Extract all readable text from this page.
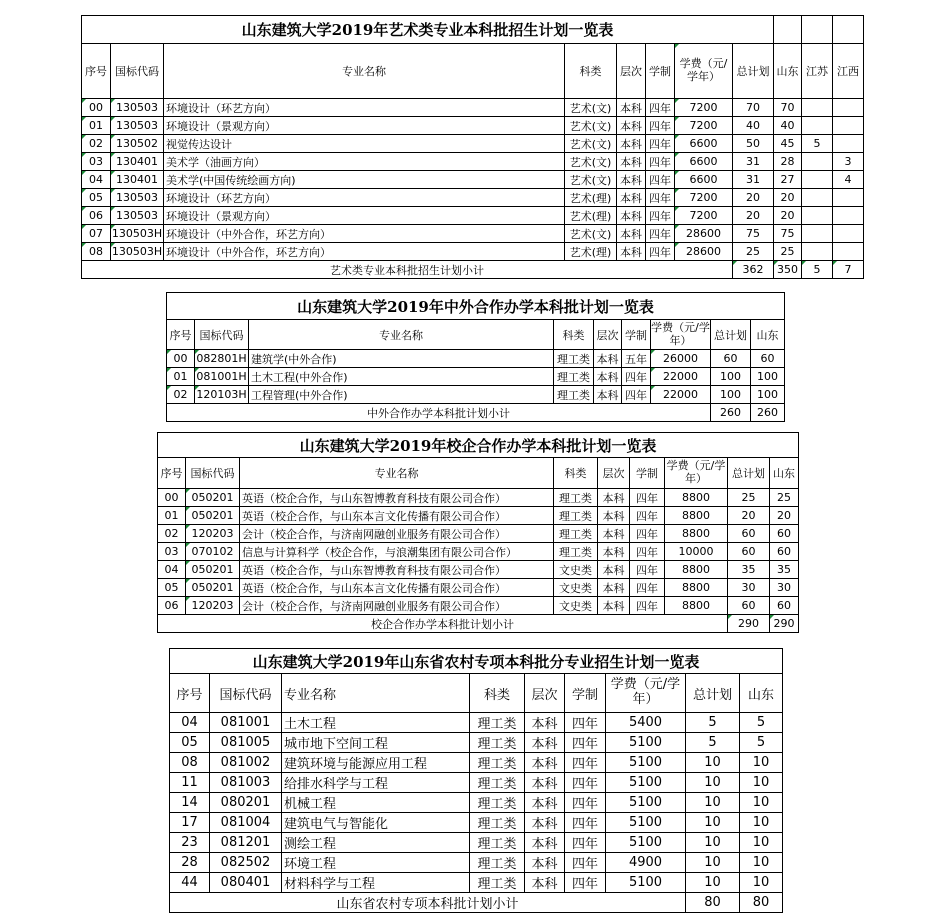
山东建筑大学2019年艺术类专业本科批招生计划一览表										
序号	国标代码	专业名称	科类	层次	学制	学费（元/学年）	总计划	山东	江苏	江西
00	130503	环境设计（环艺方向）	艺术(文)	本科	四年	7200	70	70		
01	130503	环境设计（景观方向）	艺术(文)	本科	四年	7200	40	40		
02	130502	视觉传达设计	艺术(文)	本科	四年	6600	50	45	5	
03	130401	美术学（油画方向）	艺术(文)	本科	四年	6600	31	28		3
04	130401	美术学(中国传统绘画方向)	艺术(文)	本科	四年	6600	31	27		4
05	130503	环境设计（环艺方向）	艺术(理)	本科	四年	7200	20	20		
06	130503	环境设计（景观方向）	艺术(理)	本科	四年	7200	20	20		
07	130503H	环境设计（中外合作，环艺方向）	艺术(文)	本科	四年	28600	75	75		
08	130503H	环境设计（中外合作，环艺方向）	艺术(理)	本科	四年	28600	25	25		
艺术类专业本科批招生计划小计							362	350	5	7
山东建筑大学2019年中外合作办学本科批计划一览表								
序号	国标代码	专业名称	科类	层次	学制	学费（元/学年）	总计划	山东
00	082801H	建筑学(中外合作)	理工类	本科	五年	26000	60	60
01	081001H	土木工程(中外合作)	理工类	本科	四年	22000	100	100
02	120103H	工程管理(中外合作)	理工类	本科	四年	22000	100	100
中外合作办学本科批计划小计							260	260
山东建筑大学2019年校企合作办学本科批计划一览表								
序号	国标代码	专业名称	科类	层次	学制	学费（元/学年）	总计划	山东
00	050201	英语（校企合作，与山东智博教育科技有限公司合作）	理工类	本科	四年	8800	25	25
01	050201	英语（校企合作，与山东本言文化传播有限公司合作）	理工类	本科	四年	8800	20	20
02	120203	会计（校企合作，与济南网融创业服务有限公司合作）	理工类	本科	四年	8800	60	60
03	070102	信息与计算科学（校企合作，与浪潮集团有限公司合作）	理工类	本科	四年	10000	60	60
04	050201	英语（校企合作，与山东智博教育科技有限公司合作）	文史类	本科	四年	8800	35	35
05	050201	英语（校企合作，与山东本言文化传播有限公司合作）	文史类	本科	四年	8800	30	30
06	120203	会计（校企合作，与济南网融创业服务有限公司合作）	文史类	本科	四年	8800	60	60
校企合作办学本科批计划小计							290	290
山东建筑大学2019年山东省农村专项本科批分专业招生计划一览表								
序号	国标代码	专业名称	科类	层次	学制	学费（元/学年）	总计划	山东
04	081001	土木工程	理工类	本科	四年	5400	5	5
05	081005	城市地下空间工程	理工类	本科	四年	5100	5	5
08	081002	建筑环境与能源应用工程	理工类	本科	四年	5100	10	10
11	081003	给排水科学与工程	理工类	本科	四年	5100	10	10
14	080201	机械工程	理工类	本科	四年	5100	10	10
17	081004	建筑电气与智能化	理工类	本科	四年	5100	10	10
23	081201	测绘工程	理工类	本科	四年	5100	10	10
28	082502	环境工程	理工类	本科	四年	4900	10	10
44	080401	材料科学与工程	理工类	本科	四年	5100	10	10
山东省农村专项本科批计划小计							80	80
